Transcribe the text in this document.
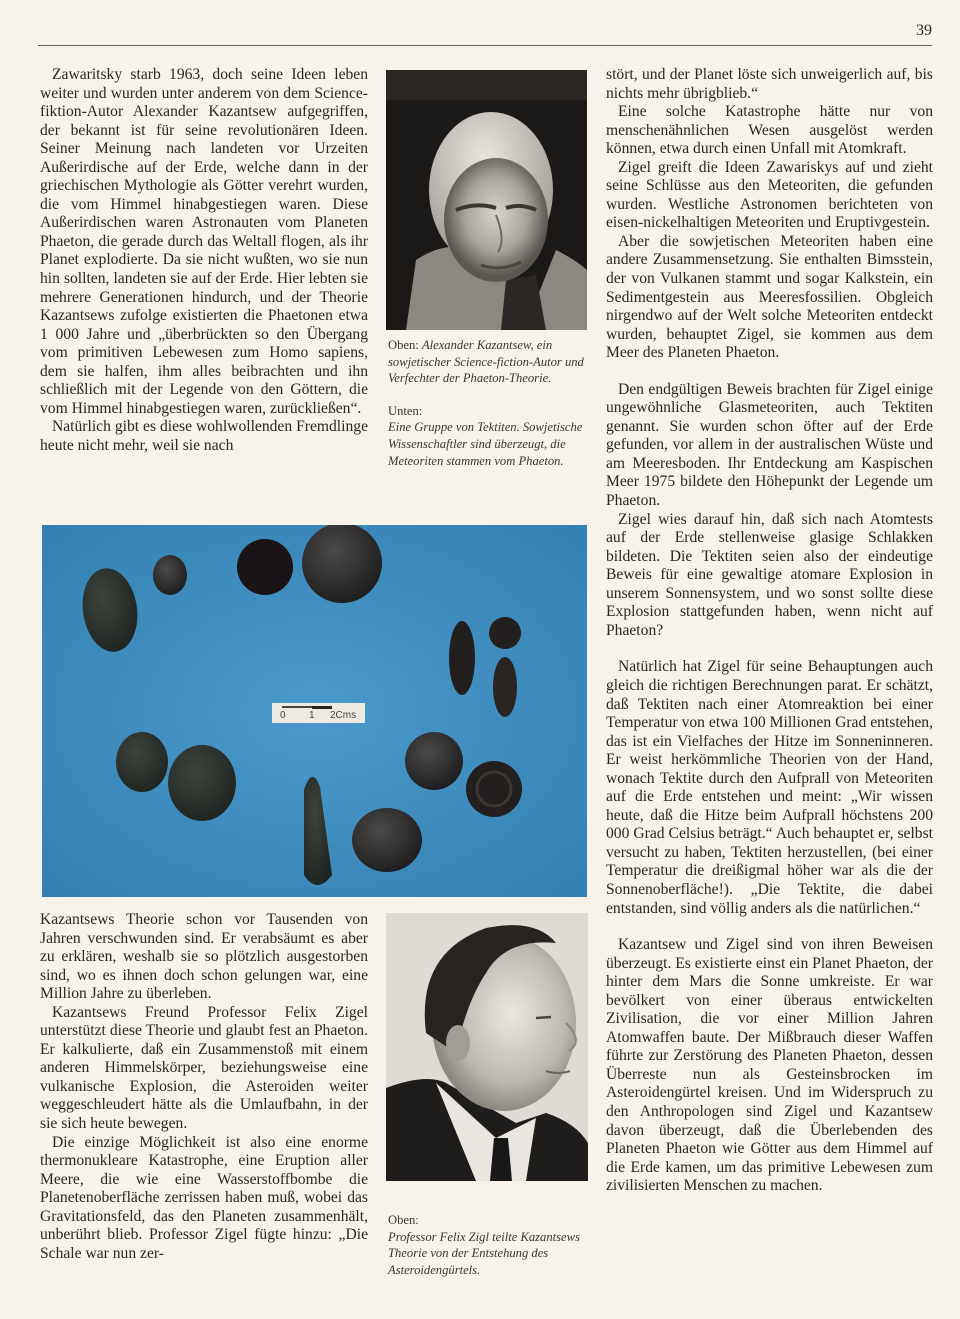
39

Zawaritsky starb 1963, doch seine Ideen leben weiter und wurden unter anderem von dem Science-fiktion-Autor Alexander Kazantsew aufgegriffen, der bekannt ist für seine revolutionären Ideen. Seiner Meinung nach landeten vor Urzeiten Außerirdische auf der Erde, welche dann in der griechischen Mythologie als Götter verehrt wurden, die vom Himmel hinabgestiegen waren. Diese Außerirdischen waren Astronauten vom Planeten Phaeton, die gerade durch das Weltall flogen, als ihr Planet explodierte. Da sie nicht wußten, wo sie nun hin sollten, landeten sie auf der Erde. Hier lebten sie mehrere Generationen hindurch, und der Theorie Kazantsews zufolge existierten die Phaetonen etwa 1 000 Jahre und „überbrückten so den Übergang vom primitiven Lebewesen zum Homo sapiens, dem sie halfen, ihm alles beibrachten und ihn schließlich mit der Legende von den Göttern, die vom Himmel hinabgestiegen waren, zurückließen“.

Natürlich gibt es diese wohlwollenden Fremdlinge heute nicht mehr, weil sie nach

Oben: Alexander Kazantsew, ein sowjetischer Science-fiction-Autor und Verfechter der Phaeton-Theorie.
Unten:
Eine Gruppe von Tektiten. Sowjetische Wissenschaftler sind überzeugt, die Meteoriten stammen vom Phaeton.
0 1 2Cms

Kazantsews Theorie schon vor Tausenden von Jahren verschwunden sind. Er verabsäumt es aber zu erklären, weshalb sie so plötzlich ausgestorben sind, wo es ihnen doch schon gelungen war, eine Million Jahre zu überleben.

Kazantsews Freund Professor Felix Zigel unterstützt diese Theorie und glaubt fest an Phaeton. Er kalkulierte, daß ein Zusammenstoß mit einem anderen Himmelskörper, beziehungsweise eine vulkanische Explosion, die Asteroiden weiter weggeschleudert hätte als die Umlaufbahn, in der sie sich heute bewegen.

Die einzige Möglichkeit ist also eine enorme thermonukleare Katastrophe, eine Eruption aller Meere, die wie eine Wasserstoffbombe die Planetenoberfläche zerrissen haben muß, wobei das Gravitationsfeld, das den Planeten zusammenhält, unberührt blieb. Professor Zigel fügte hinzu: „Die Schale war nun zer-

Oben:
Professor Felix Zigl teilte Kazantsews Theorie von der Entstehung des Asteroidengürtels.

stört, und der Planet löste sich unweigerlich auf, bis nichts mehr übrigblieb.“

Eine solche Katastrophe hätte nur von menschenähnlichen Wesen ausgelöst werden können, etwa durch einen Unfall mit Atomkraft.

Zigel greift die Ideen Zawariskys auf und zieht seine Schlüsse aus den Meteoriten, die gefunden wurden. Westliche Astronomen berichteten von eisen-nickelhaltigen Meteoriten und Eruptivgestein.

Aber die sowjetischen Meteoriten haben eine andere Zusammensetzung. Sie enthalten Bimsstein, der von Vulkanen stammt und sogar Kalkstein, ein Sedimentgestein aus Meeresfossilien. Obgleich nirgendwo auf der Welt solche Meteoriten entdeckt wurden, behauptet Zigel, sie kommen aus dem Meer des Planeten Phaeton.

Den endgültigen Beweis brachten für Zigel einige ungewöhnliche Glasmeteoriten, auch Tektiten genannt. Sie wurden schon öfter auf der Erde gefunden, vor allem in der australischen Wüste und am Meeresboden. Ihr Entdeckung am Kaspischen Meer 1975 bildete den Höhepunkt der Legende um Phaeton.

Zigel wies darauf hin, daß sich nach Atomtests auf der Erde stellenweise glasige Schlakken bildeten. Die Tektiten seien also der eindeutige Beweis für eine gewaltige atomare Explosion in unserem Sonnensystem, und wo sonst sollte diese Explosion stattgefunden haben, wenn nicht auf Phaeton?

Natürlich hat Zigel für seine Behauptungen auch gleich die richtigen Berechnungen parat. Er schätzt, daß Tektiten nach einer Atomreaktion bei einer Temperatur von etwa 100 Millionen Grad entstehen, das ist ein Vielfaches der Hitze im Sonneninneren. Er weist herkömmliche Theorien von der Hand, wonach Tektite durch den Aufprall von Meteoriten auf die Erde entstehen und meint: „Wir wissen heute, daß die Hitze beim Aufprall höchstens 200 000 Grad Celsius beträgt.“ Auch behauptet er, selbst versucht zu haben, Tektiten herzustellen, (bei einer Temperatur die dreißigmal höher war als die der Sonnenoberfläche!). „Die Tektite, die dabei entstanden, sind völlig anders als die natürlichen.“

Kazantsew und Zigel sind von ihren Beweisen überzeugt. Es existierte einst ein Planet Phaeton, der hinter dem Mars die Sonne umkreiste. Er war bevölkert von einer überaus entwickelten Zivilisation, die vor einer Million Jahren Atomwaffen baute. Der Mißbrauch dieser Waffen führte zur Zerstörung des Planeten Phaeton, dessen Überreste nun als Gesteinsbrocken im Asteroidengürtel kreisen. Und im Widerspruch zu den Anthropologen sind Zigel und Kazantsew davon überzeugt, daß die Überlebenden des Planeten Phaeton wie Götter aus dem Himmel auf die Erde kamen, um das primitive Lebewesen zum zivilisierten Menschen zu machen.
